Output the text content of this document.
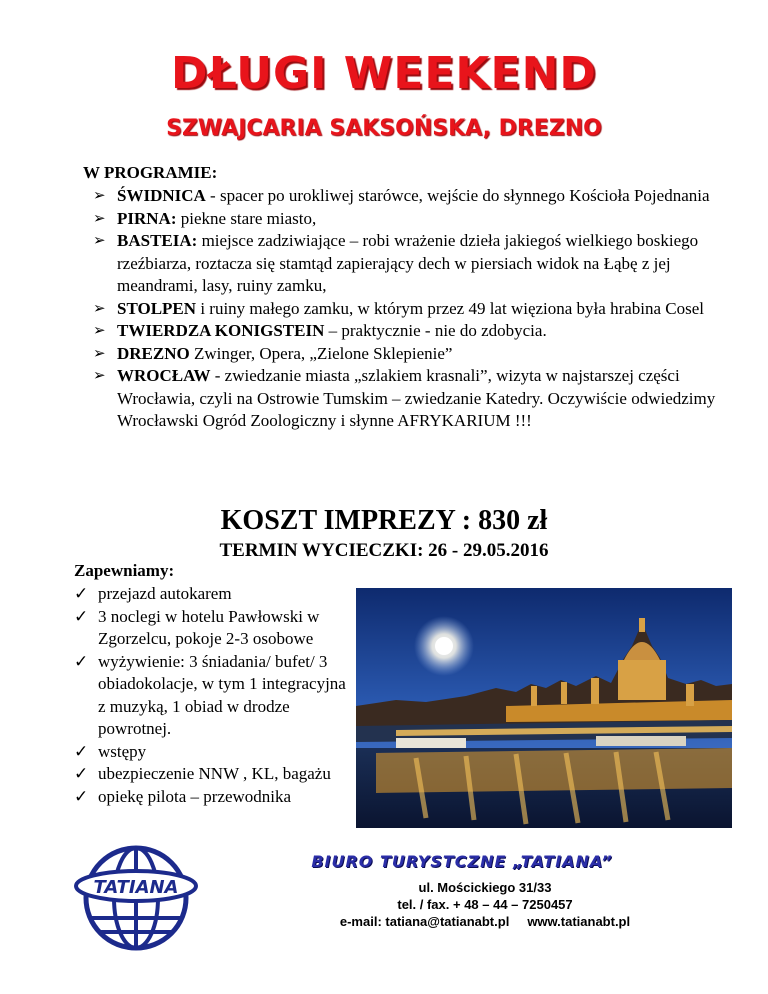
DŁUGI WEEKEND
SZWAJCARIA SAKSOŃSKA, DREZNO
W PROGRAMIE:
➢ ŚWIDNICA - spacer po urokliwej starówce, wejście do słynnego Kościoła Pojednania
➢ PIRNA: piekne stare miasto,
➢ BASTEIA: miejsce zadziwiające – robi wrażenie dzieła jakiegoś wielkiego boskiego rzeźbiarza, roztacza się stamtąd zapierający dech w piersiach widok na Łąbę z jej meandrami, lasy, ruiny zamku,
➢ STOLPEN i ruiny małego zamku, w którym przez 49 lat więziona była hrabina Cosel
➢ TWIERDZA KONIGSTEIN – praktycznie - nie do zdobycia.
➢ DREZNO Zwinger, Opera, „Zielone Sklepienie”
➢ WROCŁAW - zwiedzanie miasta „szlakiem krasnali”, wizyta w najstarszej części Wrocławia, czyli na Ostrowie Tumskim – zwiedzanie Katedry. Oczywiście odwiedzimy Wrocławski Ogród Zoologiczny i słynne AFRYKARIUM !!!
KOSZT IMPREZY : 830 zł
TERMIN WYCIECZKI: 26 - 29.05.2016
Zapewniamy:
✓ przejazd autokarem
✓ 3 noclegi w hotelu Pawłowski w Zgorzelcu, pokoje 2-3 osobowe
✓ wyżywienie: 3 śniadania/ bufet/ 3 obiadokolacje, w tym 1 integracyjna z muzyką, 1 obiad w drodze powrotnej.
✓ wstępy
✓ ubezpieczenie NNW , KL, bagażu
✓ opiekę pilota – przewodnika
TATIANA
BIURO TURYSTCZNE „TATIANA”
ul. Mościckiego 31/33
tel. / fax. + 48 – 44 – 7250457
e-mail: tatiana@tatianabt.pl www.tatianabt.pl
